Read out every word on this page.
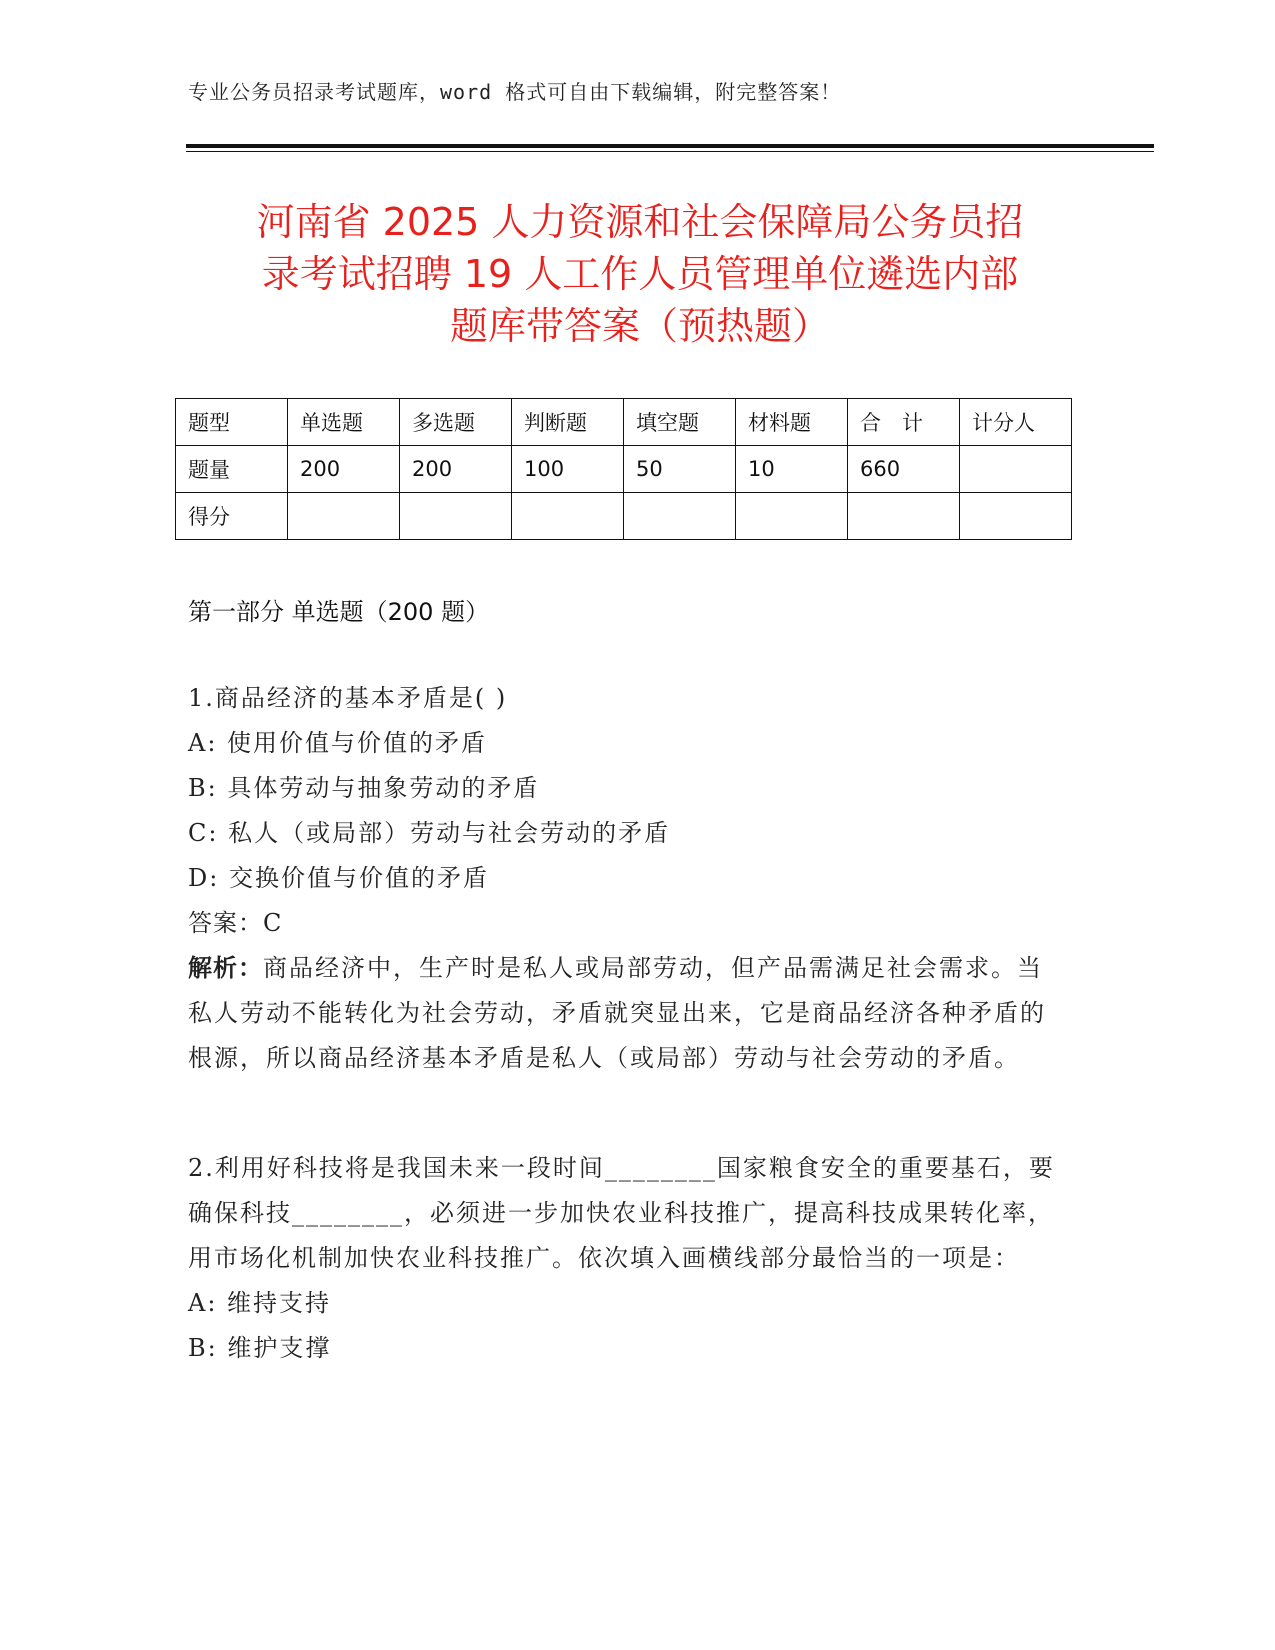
专业公务员招录考试题库，word 格式可自由下载编辑，附完整答案！
河南省 2025 人力资源和社会保障局公务员招
录考试招聘 19 人工作人员管理单位遴选内部
题库带答案（预热题）
题型	单选题	多选题	判断题	填空题	材料题	合　计	计分人
题量	200	200	100	50	10	660	
得分							
第一部分 单选题（200 题）
1.商品经济的基本矛盾是( )
A: 使用价值与价值的矛盾
B: 具体劳动与抽象劳动的矛盾
C: 私人（或局部）劳动与社会劳动的矛盾
D: 交换价值与价值的矛盾
答案：C
解析：商品经济中，生产时是私人或局部劳动，但产品需满足社会需求。当私人劳动不能转化为社会劳动，矛盾就突显出来，它是商品经济各种矛盾的根源，所以商品经济基本矛盾是私人（或局部）劳动与社会劳动的矛盾。
2.利用好科技将是我国未来一段时间________国家粮食安全的重要基石，要确保科技________，必须进一步加快农业科技推广，提高科技成果转化率，用市场化机制加快农业科技推广。依次填入画横线部分最恰当的一项是：
A: 维持支持
B: 维护支撑
